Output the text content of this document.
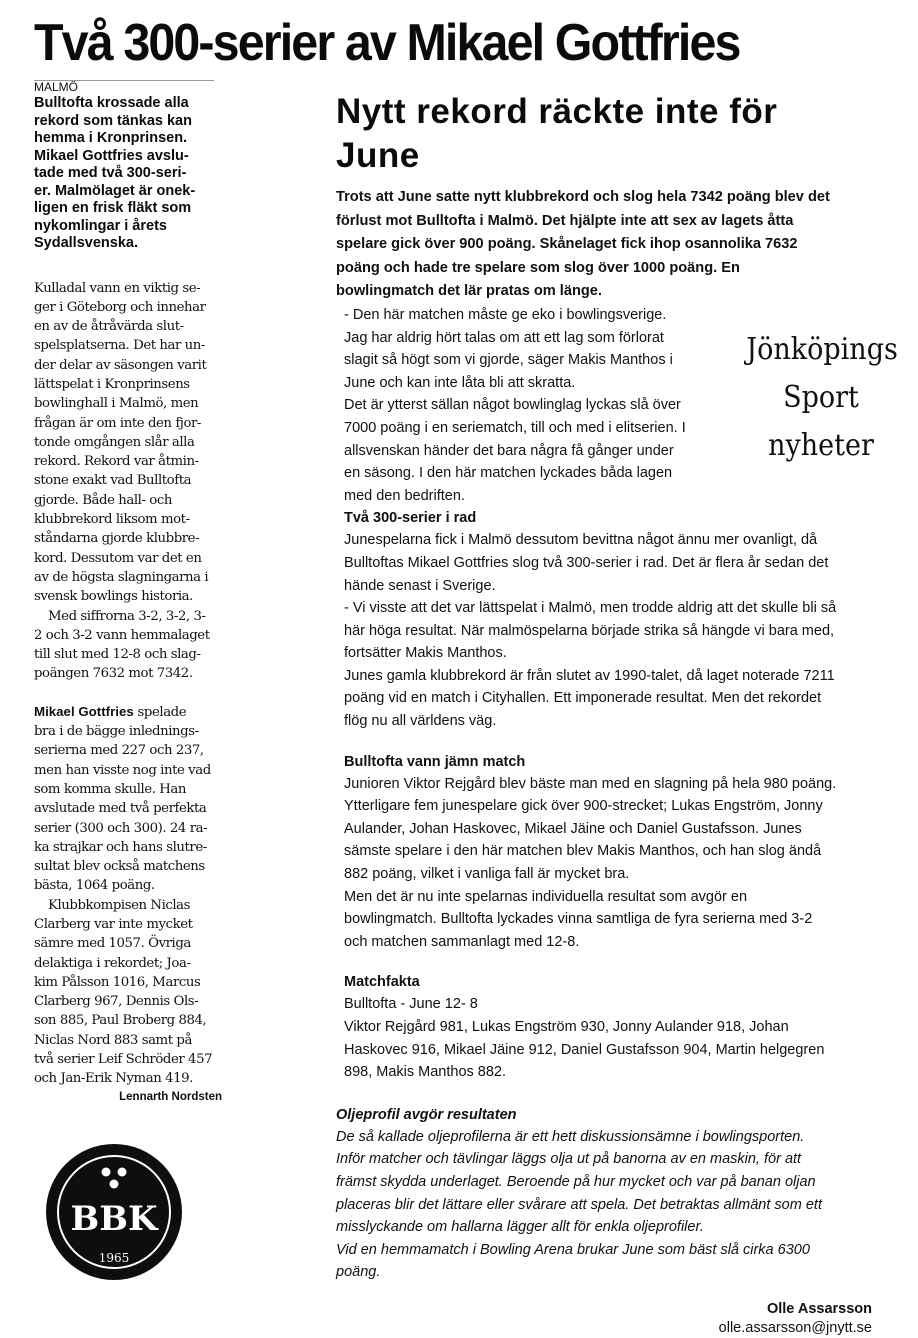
Två 300-serier av Mikael Gottfries

MALMÖ

Bulltofta krossade alla
rekord som tänkas kan
hemma i Kronprinsen.
Mikael Gottfries avslu-
tade med två 300-seri-
er. Malmölaget är onek-
ligen en frisk fläkt som
nykomlingar i årets
Sydallsvenska.

Kulladal vann en viktig se-
ger i Göteborg och innehar
en av de åtråvärda slut-
spelsplatserna. Det har un-
der delar av säsongen varit
lättspelat i Kronprinsens
bowlinghall i Malmö, men
frågan är om inte den fjor-
tonde omgången slår alla
rekord. Rekord var åtmin-
stone exakt vad Bulltofta
gjorde. Både hall- och
klubbrekord liksom mot-
ståndarna gjorde klubbre-
kord. Dessutom var det en
av de högsta slagningarna i
svensk bowlings historia.

Med siffrorna 3-2, 3-2, 3-
2 och 3-2 vann hemmalaget
till slut med 12-8 och slag-
poängen 7632 mot 7342.

Mikael Gottfries spelade
bra i de bägge inlednings-
serierna med 227 och 237,
men han visste nog inte vad
som komma skulle. Han
avslutade med två perfekta
serier (300 och 300). 24 ra-
ka strajkar och hans slutre-
sultat blev också matchens
bästa, 1064 poäng.

Klubbkompisen Niclas
Clarberg var inte mycket
sämre med 1057. Övriga
delaktiga i rekordet; Joa-
kim Pålsson 1016, Marcus
Clarberg 967, Dennis Ols-
son 885, Paul Broberg 884,
Niclas Nord 883 samt på
två serier Leif Schröder 457
och Jan-Erik Nyman 419.

Lennarth Nordsten

BBK
1965
Nytt rekord räckte inte för
June

Trots att June satte nytt klubbrekord och slog hela 7342 poäng blev det
förlust mot Bulltofta i Malmö. Det hjälpte inte att sex av lagets åtta
spelare gick över 900 poäng. Skånelaget fick ihop osannolika 7632
poäng och hade tre spelare som slog över 1000 poäng. En
bowlingmatch det lär pratas om länge.

- Den här matchen måste ge eko i bowlingsverige.
Jag har aldrig hört talas om att ett lag som förlorat
slagit så högt som vi gjorde, säger Makis Manthos i
June och kan inte låta bli att skratta.
Det är ytterst sällan något bowlinglag lyckas slå över
7000 poäng i en seriematch, till och med i elitserien. I
allsvenskan händer det bara några få gånger under
en säsong. I den här matchen lyckades båda lagen
med den bedriften.

Två 300-serier i rad

Junespelarna fick i Malmö dessutom bevittna något ännu mer ovanligt, då
Bulltoftas Mikael Gottfries slog två 300-serier i rad. Det är flera år sedan det
hände senast i Sverige.
- Vi visste att det var lättspelat i Malmö, men trodde aldrig att det skulle bli så
här höga resultat. När malmöspelarna började strika så hängde vi bara med,
fortsätter Makis Manthos.
Junes gamla klubbrekord är från slutet av 1990-talet, då laget noterade 7211
poäng vid en match i Cityhallen. Ett imponerade resultat. Men det rekordet
flög nu all världens väg.

Bulltofta vann jämn match

Junioren Viktor Rejgård blev bäste man med en slagning på hela 980 poäng.
Ytterligare fem junespelare gick över 900-strecket; Lukas Engström, Jonny
Aulander, Johan Haskovec, Mikael Jäine och Daniel Gustafsson. Junes
sämste spelare i den här matchen blev Makis Manthos, och han slog ändå
882 poäng, vilket i vanliga fall är mycket bra.
Men det är nu inte spelarnas individuella resultat som avgör en
bowlingmatch. Bulltofta lyckades vinna samtliga de fyra serierna med 3-2
och matchen sammanlagt med 12-8.

Matchfakta

Bulltofta - June 12- 8
Viktor Rejgård 981, Lukas Engström 930, Jonny Aulander 918, Johan
Haskovec 916, Mikael Jäine 912, Daniel Gustafsson 904, Martin helgegren
898, Makis Manthos 882.

Oljeprofil avgör resultaten

De så kallade oljeprofilerna är ett hett diskussionsämne i bowlingsporten.
Inför matcher och tävlingar läggs olja ut på banorna av en maskin, för att
främst skydda underlaget. Beroende på hur mycket och var på banan oljan
placeras blir det lättare eller svårare att spela. Det betraktas allmänt som ett
misslyckande om hallarna lägger allt för enkla oljeprofiler.
Vid en hemmamatch i Bowling Arena brukar June som bäst slå cirka 6300
poäng.

Olle Assarsson
olle.assarsson@jnytt.se
Jönköpings
Sport
nyheter
